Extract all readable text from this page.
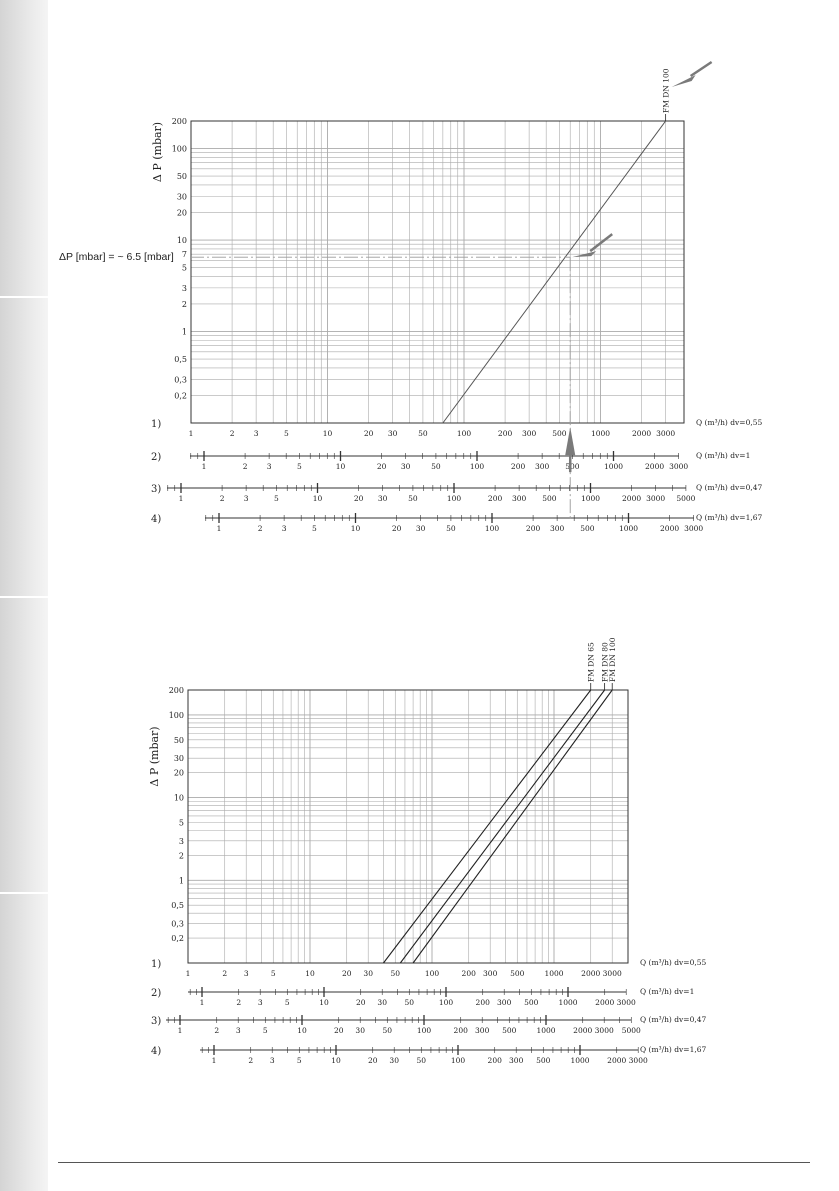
200
100
50
30
20
10
7
5
3
2
1
0,5
0,3
0,2
Δ P (mbar)
FM DN 100
1)
1	2	3	5	10	20 30	50	100	200 300 500	1000	2000 3000
Q (m³/h) dv=0,55
2)
1	2	3	5	10	20 30	50	100	200 300 500	1000	2000 3000
Q (m³/h) dv=1
3)
1	2	3	5	10	20 30	50	100	200 300 500	1000	2000 3000 5000
Q (m³/h) dv=0,47
4)
1	2	3	5	10	20 30	50	100	200 300 500	1000	2000 3000
Q (m³/h) dv=1,67
200
100
50
30
20
10
5
3
2
1
0,5
0,3
0,2
Δ P (mbar)
FM DN 65 FM DN 80
FM DN 100
1)
1	2 3	5	10	20 30 50	100	200 300 500	1000 2000 3000
Q (m³/h) dv=0,55
2)
1	2 3	5	10	20 30 50	100	200 300 500	1000 2000 3000
Q (m³/h) dv=1
3)
1	2 3	5	10	20 30 50	100	200 300 500	1000 2000 3000 5000
Q (m³/h) dv=0,47
4)
1	2 3	5	10	20 30 50	100	200 300 500	1000 2000 3000
Q (m³/h) dv=1,67
ΔP [mbar] = ~ 6.5 [mbar]
